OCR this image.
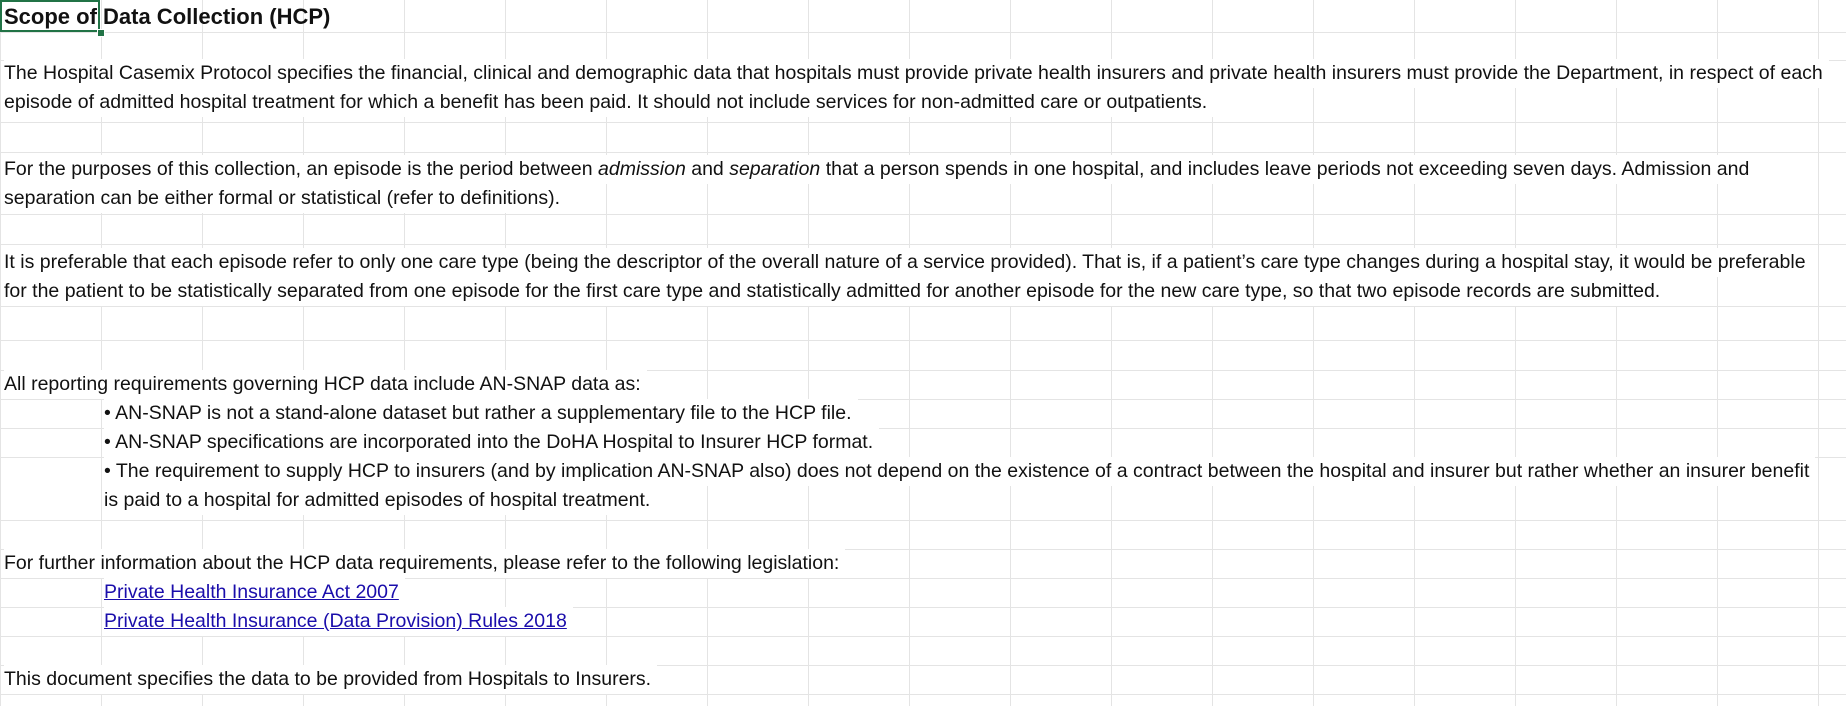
Scope of Data Collection (HCP)
The Hospital Casemix Protocol specifies the financial, clinical and demographic data that hospitals must provide private health insurers and private health insurers must provide the Department, in respect of each
episode of admitted hospital treatment for which a benefit has been paid. It should not include services for non-admitted care or outpatients.
For the purposes of this collection, an episode is the period between admission and separation that a person spends in one hospital, and includes leave periods not exceeding seven days. Admission and
separation can be either formal or statistical (refer to definitions).
It is preferable that each episode refer to only one care type (being the descriptor of the overall nature of a service provided). That is, if a patient’s care type changes during a hospital stay, it would be preferable
for the patient to be statistically separated from one episode for the first care type and statistically admitted for another episode for the new care type, so that two episode records are submitted.
All reporting requirements governing HCP data include AN-SNAP data as:
• AN-SNAP is not a stand-alone dataset but rather a supplementary file to the HCP file.
• AN-SNAP specifications are incorporated into the DoHA Hospital to Insurer HCP format.
• The requirement to supply HCP to insurers (and by implication AN-SNAP also) does not depend on the existence of a contract between the hospital and insurer but rather whether an insurer benefit
is paid to a hospital for admitted episodes of hospital treatment.
For further information about the HCP data requirements, please refer to the following legislation:
Private Health Insurance Act 2007
Private Health Insurance (Data Provision) Rules 2018
This document specifies the data to be provided from Hospitals to Insurers.
